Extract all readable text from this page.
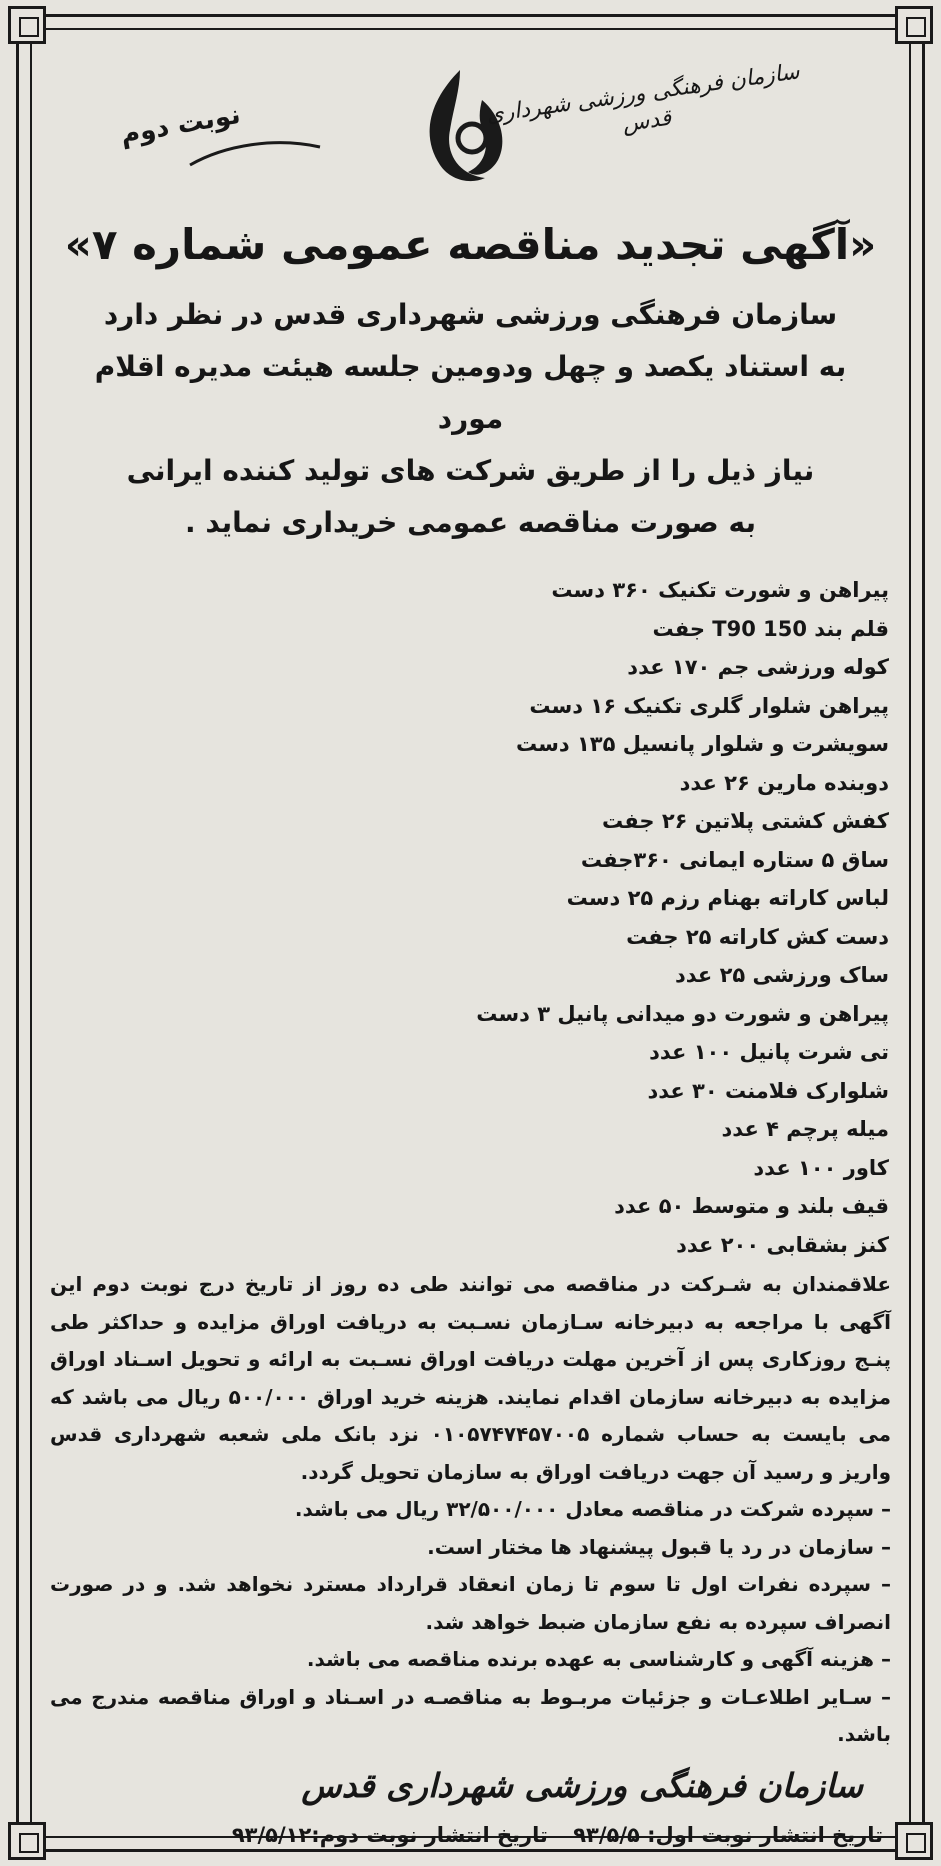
سازمان فرهنگی ورزشی شهرداری قدس
نوبت دوم
«آگهی تجدید مناقصه عمومی شماره ۷»
سازمان فرهنگی ورزشی شهرداری قدس در نظر دارد
به استناد یکصد و چهل ودومین جلسه هیئت مدیره اقلام مورد
نیاز ذیل را از طریق شرکت های تولید کننده ایرانی
به صورت مناقصه عمومی خریداری نماید .
پیراهن و شورت تکنیک ۳۶۰ دست
قلم بند T90 150 جفت
کوله ورزشی جم ۱۷۰ عدد
پیراهن شلوار گلری تکنیک ۱۶ دست
سویشرت و شلوار پانسیل ۱۳۵ دست
دوبنده مارین ۲۶ عدد
کفش کشتی پلاتین ۲۶ جفت
ساق ۵ ستاره ایمانی ۳۶۰جفت
لباس کاراته بهنام رزم ۲۵ دست
دست کش کاراته ۲۵ جفت
ساک ورزشی ۲۵ عدد
پیراهن و شورت دو میدانی پانیل ۳ دست
تی شرت پانیل ۱۰۰ عدد
شلوارک فلامنت ۳۰ عدد
میله پرچم ۴ عدد
کاور ۱۰۰ عدد
قیف بلند و متوسط ۵۰ عدد
کنز بشقابی ۲۰۰ عدد
علاقمندان به شـرکت در مناقصه می توانند طی ده روز از تاریخ درج نوبت دوم این آگهی با مراجعه به دبیرخانه سـازمان نسـبت به دریافت اوراق مزایده و حداکثر طی پنـج روزکاری پس از آخرین مهلت دریافت اوراق نسـبت به ارائه و تحویل اسـناد اوراق مزایده به دبیرخانه سازمان اقدام نمایند. هزینه خرید اوراق ۵۰۰/۰۰۰ ریال می باشد که می بایست به حساب شماره ۰۱۰۵۷۴۷۴۵۷۰۰۵ نزد بانک ملی شعبه شهرداری قدس واریز و رسید آن جهت دریافت اوراق به سازمان تحویل گردد.
– سپرده شرکت در مناقصه معادل ۳۲/۵۰۰/۰۰۰ ریال می باشد.
– سازمان در رد یا قبول پیشنهاد ها مختار است.
– سپرده نفرات اول تا سوم تا زمان انعقاد قرارداد مسترد نخواهد شد. و در صورت انصراف سپرده به نفع سازمان ضبط خواهد شد.
– هزینه آگهی و کارشناسی به عهده برنده مناقصه می باشد.
– سـایر اطلاعـات و جزئیات مربـوط به مناقصـه در اسـناد و اوراق مناقصه مندرج می باشد.
سازمان فرهنگی ورزشی شهرداری قدس
تاریخ انتشار نوبت اول: ۹۳/۵/۵ تاریخ انتشار نوبت دوم:۹۳/۵/۱۲
